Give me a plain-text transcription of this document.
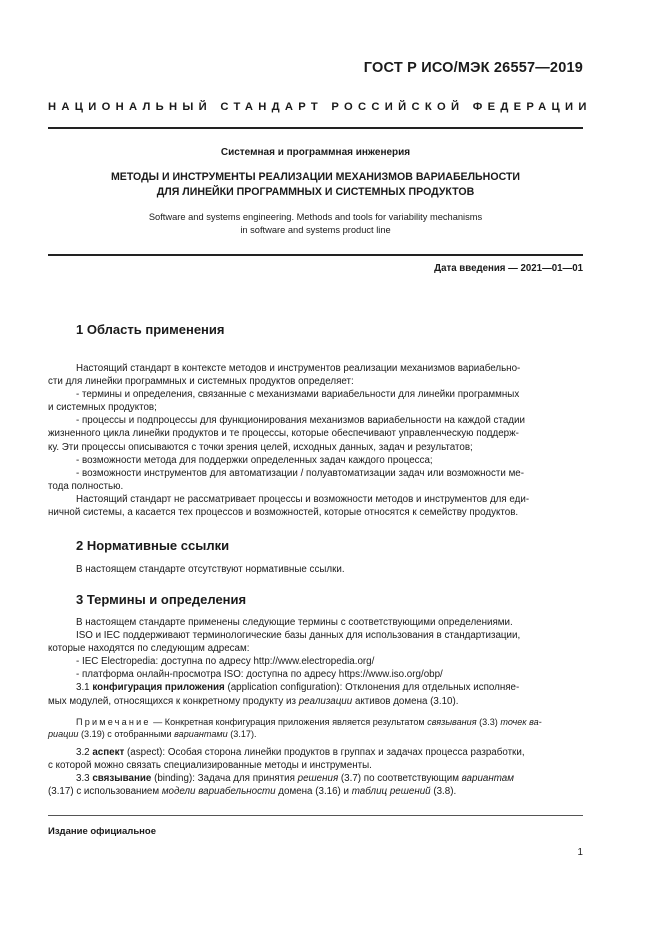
ГОСТ Р ИСО/МЭК 26557—2019
НАЦИОНАЛЬНЫЙ СТАНДАРТ РОССИЙСКОЙ ФЕДЕРАЦИИ
Системная и программная инженерия
МЕТОДЫ И ИНСТРУМЕНТЫ РЕАЛИЗАЦИИ МЕХАНИЗМОВ ВАРИАБЕЛЬНОСТИ
ДЛЯ ЛИНЕЙКИ ПРОГРАММНЫХ И СИСТЕМНЫХ ПРОДУКТОВ
Software and systems engineering. Methods and tools for variability mechanisms
in software and systems product line
Дата введения — 2021—01—01
1 Область применения
Настоящий стандарт в контексте методов и инструментов реализации механизмов вариабельно-
сти для линейки программных и системных продуктов определяет:
- термины и определения, связанные с механизмами вариабельности для линейки программных
и системных продуктов;
- процессы и подпроцессы для функционирования механизмов вариабельности на каждой стадии
жизненного цикла линейки продуктов и те процессы, которые обеспечивают управленческую поддерж-
ку. Эти процессы описываются с точки зрения целей, исходных данных, задач и результатов;
- возможности метода для поддержки определенных задач каждого процесса;
- возможности инструментов для автоматизации / полуавтоматизации задач или возможности ме-
тода полностью.
Настоящий стандарт не рассматривает процессы и возможности методов и инструментов для еди-
ничной системы, а касается тех процессов и возможностей, которые относятся к семейству продуктов.
2 Нормативные ссылки
В настоящем стандарте отсутствуют нормативные ссылки.
3 Термины и определения
В настоящем стандарте применены следующие термины с соответствующими определениями.
ISO и IEC поддерживают терминологические базы данных для использования в стандартизации,
которые находятся по следующим адресам:
- IEC Electropedia: доступна по адресу http://www.electropedia.org/
- платформа онлайн-просмотра ISO: доступна по адресу https://www.iso.org/obp/
3.1 конфигурация приложения (application configuration): Отклонения для отдельных исполняе-
мых модулей, относящихся к конкретному продукту из реализации активов домена (3.10).
Примечание — Конкретная конфигурация приложения является результатом связывания (3.3) точек ва-
риации (3.19) с отобранными вариантами (3.17).
3.2 аспект (aspect): Особая сторона линейки продуктов в группах и задачах процесса разработки,
с которой можно связать специализированные методы и инструменты.
3.3 связывание (binding): Задача для принятия решения (3.7) по соответствующим вариантам
(3.17) с использованием модели вариабельности домена (3.16) и таблиц решений (3.8).
Издание официальное
1
